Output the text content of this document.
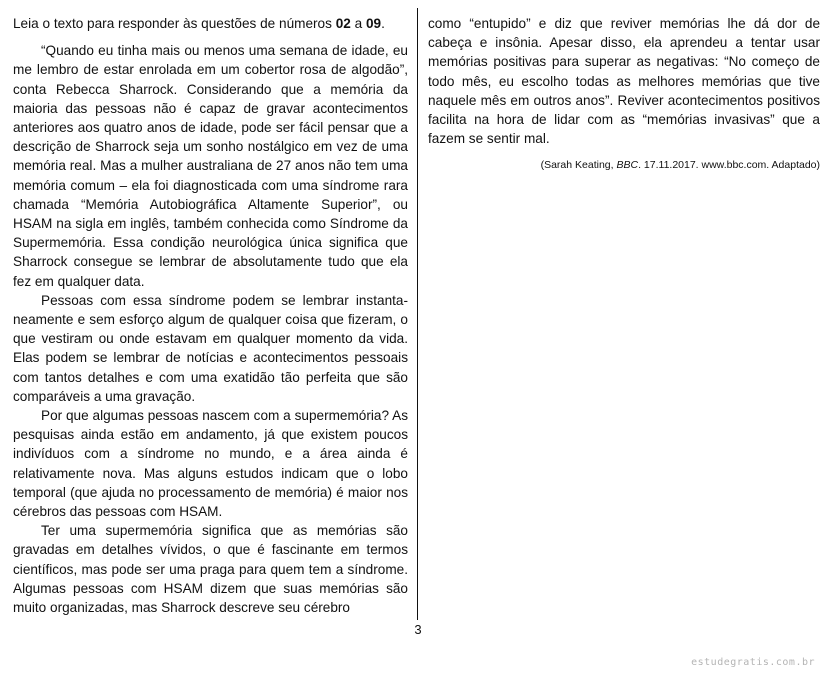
Leia o texto para responder às questões de números 02 a 09.

“Quando eu tinha mais ou menos uma semana de idade, eu me lembro de estar enrolada em um cobertor rosa de algodão”, conta Rebecca Sharrock. Considerando que a memória da maioria das pessoas não é capaz de gravar acontecimentos anteriores aos quatro anos de idade, pode ser fácil pensar que a descrição de Sharrock seja um sonho nostálgico em vez de uma memória real. Mas a mulher australiana de 27 anos não tem uma memória comum – ela foi diagnosticada com uma síndrome rara chamada “Memória Autobiográfica Altamente Superior”, ou HSAM na sigla em inglês, também conhecida como Síndrome da Supermemória. Essa condição neurológica única significa que Sharrock consegue se lembrar de absolutamente tudo que ela fez em qualquer data.

Pessoas com essa síndrome podem se lembrar instantaneamente e sem esforço algum de qualquer coisa que fizeram, o que vestiram ou onde estavam em qualquer momento da vida. Elas podem se lembrar de notícias e acontecimentos pessoais com tantos detalhes e com uma exatidão tão perfeita que são comparáveis a uma gravação.

Por que algumas pessoas nascem com a supermemória? As pesquisas ainda estão em andamento, já que existem poucos indivíduos com a síndrome no mundo, e a área ainda é relativamente nova. Mas alguns estudos indicam que o lobo temporal (que ajuda no processamento de memória) é maior nos cérebros das pessoas com HSAM.

Ter uma supermemória significa que as memórias são gravadas em detalhes vívidos, o que é fascinante em termos científicos, mas pode ser uma praga para quem tem a síndrome. Algumas pessoas com HSAM dizem que suas memórias são muito organizadas, mas Sharrock descreve seu cérebro

como “entupido” e diz que reviver memórias lhe dá dor de cabeça e insônia. Apesar disso, ela aprendeu a tentar usar memórias positivas para superar as negativas: “No começo de todo mês, eu escolho todas as melhores memórias que tive naquele mês em outros anos”. Reviver acontecimentos positivos facilita na hora de lidar com as “memórias invasivas” que a fazem se sentir mal.

(Sarah Keating, BBC. 17.11.2017. www.bbc.com. Adaptado)

3
estudegratis.com.br
